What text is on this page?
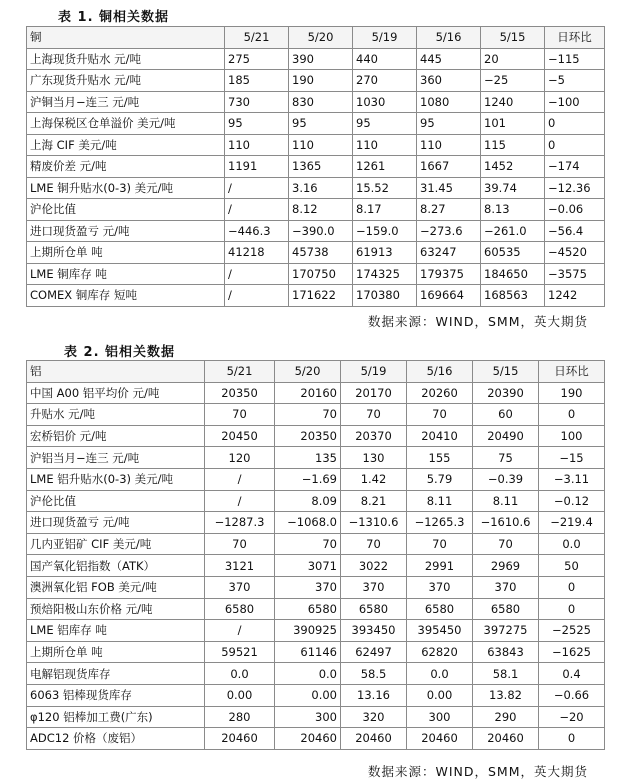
表 1. 铜相关数据
铜	5/21	5/20	5/19	5/16	5/15	日环比
上海现货升贴水 元/吨	275	390	440	445	20	−115
广东现货升贴水 元/吨	185	190	270	360	−25	−5
沪铜当月−连三 元/吨	730	830	1030	1080	1240	−100
上海保税区仓单溢价 美元/吨	95	95	95	95	101	0
上海 CIF 美元/吨	110	110	110	110	115	0
精废价差 元/吨	1191	1365	1261	1667	1452	−174
LME 铜升贴水(0-3) 美元/吨	/	3.16	15.52	31.45	39.74	−12.36
沪伦比值	/	8.12	8.17	8.27	8.13	−0.06
进口现货盈亏 元/吨	−446.3	−390.0	−159.0	−273.6	−261.0	−56.4
上期所仓单 吨	41218	45738	61913	63247	60535	−4520
LME 铜库存 吨	/	170750	174325	179375	184650	−3575
COMEX 铜库存 短吨	/	171622	170380	169664	168563	1242
数据来源：WIND，SMM，英大期货
表 2. 铝相关数据
铝	5/21	5/20	5/19	5/16	5/15	日环比
中国 A00 铝平均价 元/吨	20350	20160	20170	20260	20390	190
升贴水 元/吨	70	70	70	70	60	0
宏桥铝价 元/吨	20450	20350	20370	20410	20490	100
沪铝当月−连三 元/吨	120	135	130	155	75	−15
LME 铝升贴水(0-3) 美元/吨	/	−1.69	1.42	5.79	−0.39	−3.11
沪伦比值	/	8.09	8.21	8.11	8.11	−0.12
进口现货盈亏 元/吨	−1287.3	−1068.0	−1310.6	−1265.3	−1610.6	−219.4
几内亚铝矿 CIF 美元/吨	70	70	70	70	70	0.0
国产氧化铝指数（ATK）	3121	3071	3022	2991	2969	50
澳洲氧化铝 FOB 美元/吨	370	370	370	370	370	0
预焙阳极山东价格 元/吨	6580	6580	6580	6580	6580	0
LME 铝库存 吨	/	390925	393450	395450	397275	−2525
上期所仓单 吨	59521	61146	62497	62820	63843	−1625
电解铝现货库存	0.0	0.0	58.5	0.0	58.1	0.4
6063 铝棒现货库存	0.00	0.00	13.16	0.00	13.82	−0.66
φ120 铝棒加工费(广东)	280	300	320	300	290	−20
ADC12 价格（废铝）	20460	20460	20460	20460	20460	0
数据来源：WIND，SMM，英大期货
